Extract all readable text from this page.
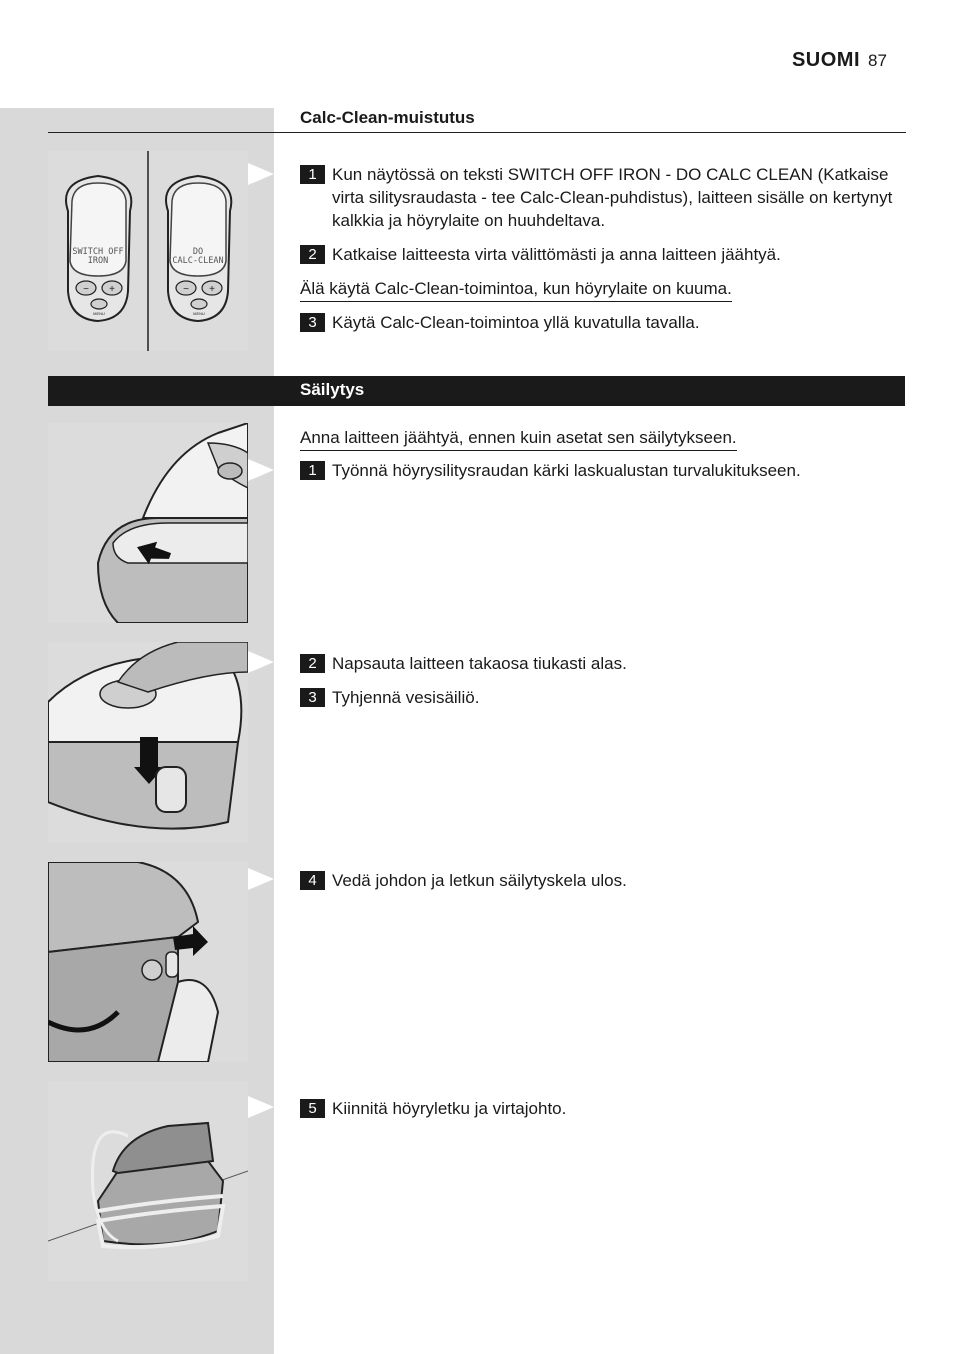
SUOMI 87
Calc-Clean-muistutus
SWITCH OFF
IRON
− +
MENU
DO
CALC-CLEAN
− +
MENU
1 Kun näytössä on teksti SWITCH OFF IRON - DO CALC CLEAN (Katkaise virta silitysraudasta - tee Calc-Clean-puhdistus), laitteen sisälle on kertynyt kalkkia ja höyrylaite on huuhdeltava.
2 Katkaise laitteesta virta välittömästi ja anna laitteen jäähtyä.
Älä käytä Calc-Clean-toimintoa, kun höyrylaite on kuuma.
3 Käytä Calc-Clean-toimintoa yllä kuvatulla tavalla.
Säilytys
Anna laitteen jäähtyä, ennen kuin asetat sen säilytykseen.
1 Työnnä höyrysilitysraudan kärki laskualustan turvalukitukseen.
2 Napsauta laitteen takaosa tiukasti alas.
3 Tyhjennä vesisäiliö.
4 Vedä johdon ja letkun säilytyskela ulos.
5 Kiinnitä höyryletku ja virtajohto.
